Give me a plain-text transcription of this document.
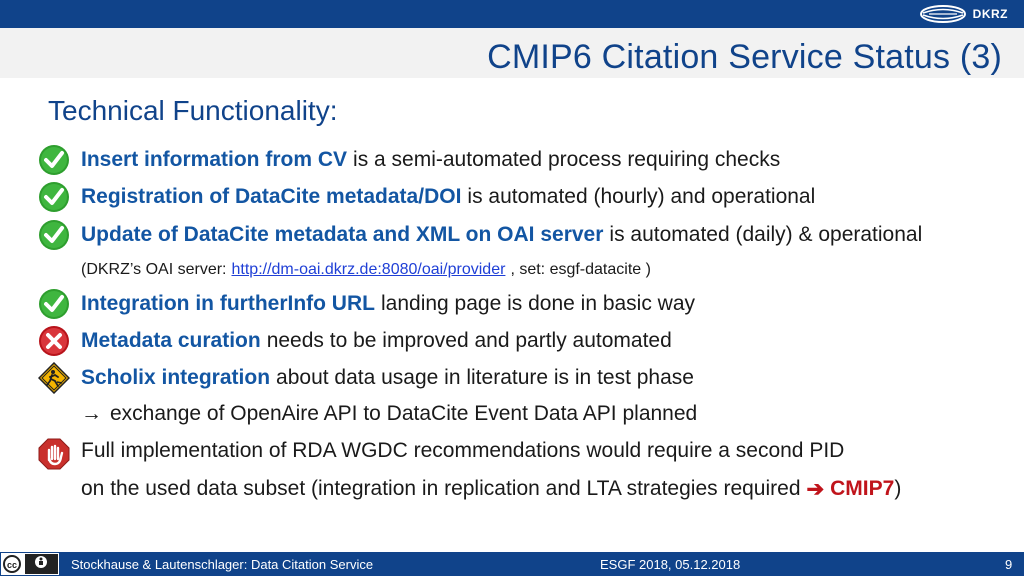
DKRZ
CMIP6 Citation Service Status (3)
Technical Functionality:
Insert information from CV is a semi-automated process requiring checks
Registration of DataCite metadata/DOI is automated (hourly) and operational
Update of DataCite metadata and XML on OAI server is automated (daily) & operational
(DKRZ’s OAI server: http://dm-oai.dkrz.de:8080/oai/provider , set: esgf-datacite )
Integration in furtherInfo URL landing page is done in basic way
Metadata curation needs to be improved and partly automated
Scholix integration about data usage in literature is in test phase
→ exchange of OpenAire API to DataCite Event Data API planned
Full implementation of RDA WGDC recommendations would require a second PID
on the used data subset (integration in replication and LTA strategies required ➔ CMIP7 )
cc	Stockhause & Lautenschlager: Data Citation Service	ESGF 2018, 05.12.2018	9
